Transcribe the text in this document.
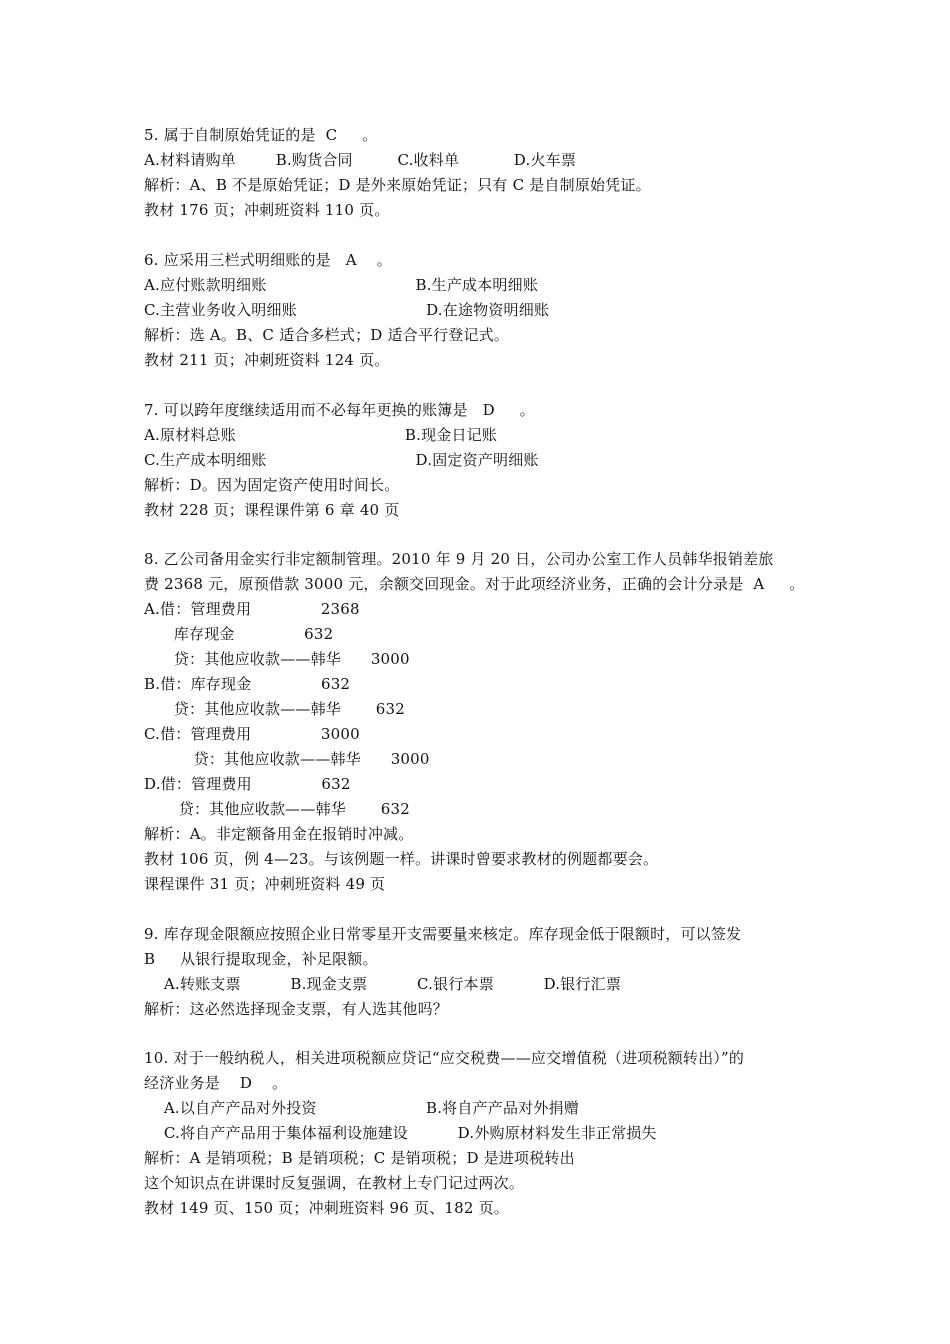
5. 属于自制原始凭证的是  C     。
A.材料请购单        B.购货合同         C.收料单           D.火车票
解析：A、B 不是原始凭证；D 是外来原始凭证；只有 C 是自制原始凭证。
教材 176 页；冲刺班资料 110 页。
6. 应采用三栏式明细账的是   A    。
A.应付账款明细账                              B.生产成本明细账
C.主营业务收入明细账                          D.在途物资明细账
解析：选 A。B、C 适合多栏式；D 适合平行登记式。
教材 211 页；冲刺班资料 124 页。
7. 可以跨年度继续适用而不必每年更换的账簿是   D     。
A.原材料总账                                  B.现金日记账
C.生产成本明细账                              D.固定资产明细账
解析：D。因为固定资产使用时间长。
教材 228 页；课程课件第 6 章 40 页
8. 乙公司备用金实行非定额制管理。2010 年 9 月 20 日，公司办公室工作人员韩华报销差旅
费 2368 元，原预借款 3000 元，余额交回现金。对于此项经济业务，正确的会计分录是  A     。
A.借：管理费用              2368
库存现金              632
贷：其他应收款——韩华      3000
B.借：库存现金              632
贷：其他应收款——韩华       632
C.借：管理费用              3000
贷：其他应收款——韩华      3000
D.借：管理费用              632
贷：其他应收款——韩华       632
解析：A。非定额备用金在报销时冲减。
教材 106 页，例 4—23。与该例题一样。讲课时曾要求教材的例题都要会。
课程课件 31 页；冲刺班资料 49 页
9. 库存现金限额应按照企业日常零星开支需要量来核定。库存现金低于限额时，可以签发
B     从银行提取现金，补足限额。
A.转账支票          B.现金支票          C.银行本票          D.银行汇票
解析：这必然选择现金支票，有人选其他吗？
10. 对于一般纳税人，相关进项税额应贷记“应交税费——应交增值税（进项税额转出）”的
经济业务是    D    。
A.以自产产品对外投资                      B.将自产产品对外捐赠
C.将自产产品用于集体福利设施建设          D.外购原材料发生非正常损失
解析：A 是销项税；B 是销项税；C 是销项税；D 是进项税转出
这个知识点在讲课时反复强调，在教材上专门记过两次。
教材 149 页、150 页；冲刺班资料 96 页、182 页。
